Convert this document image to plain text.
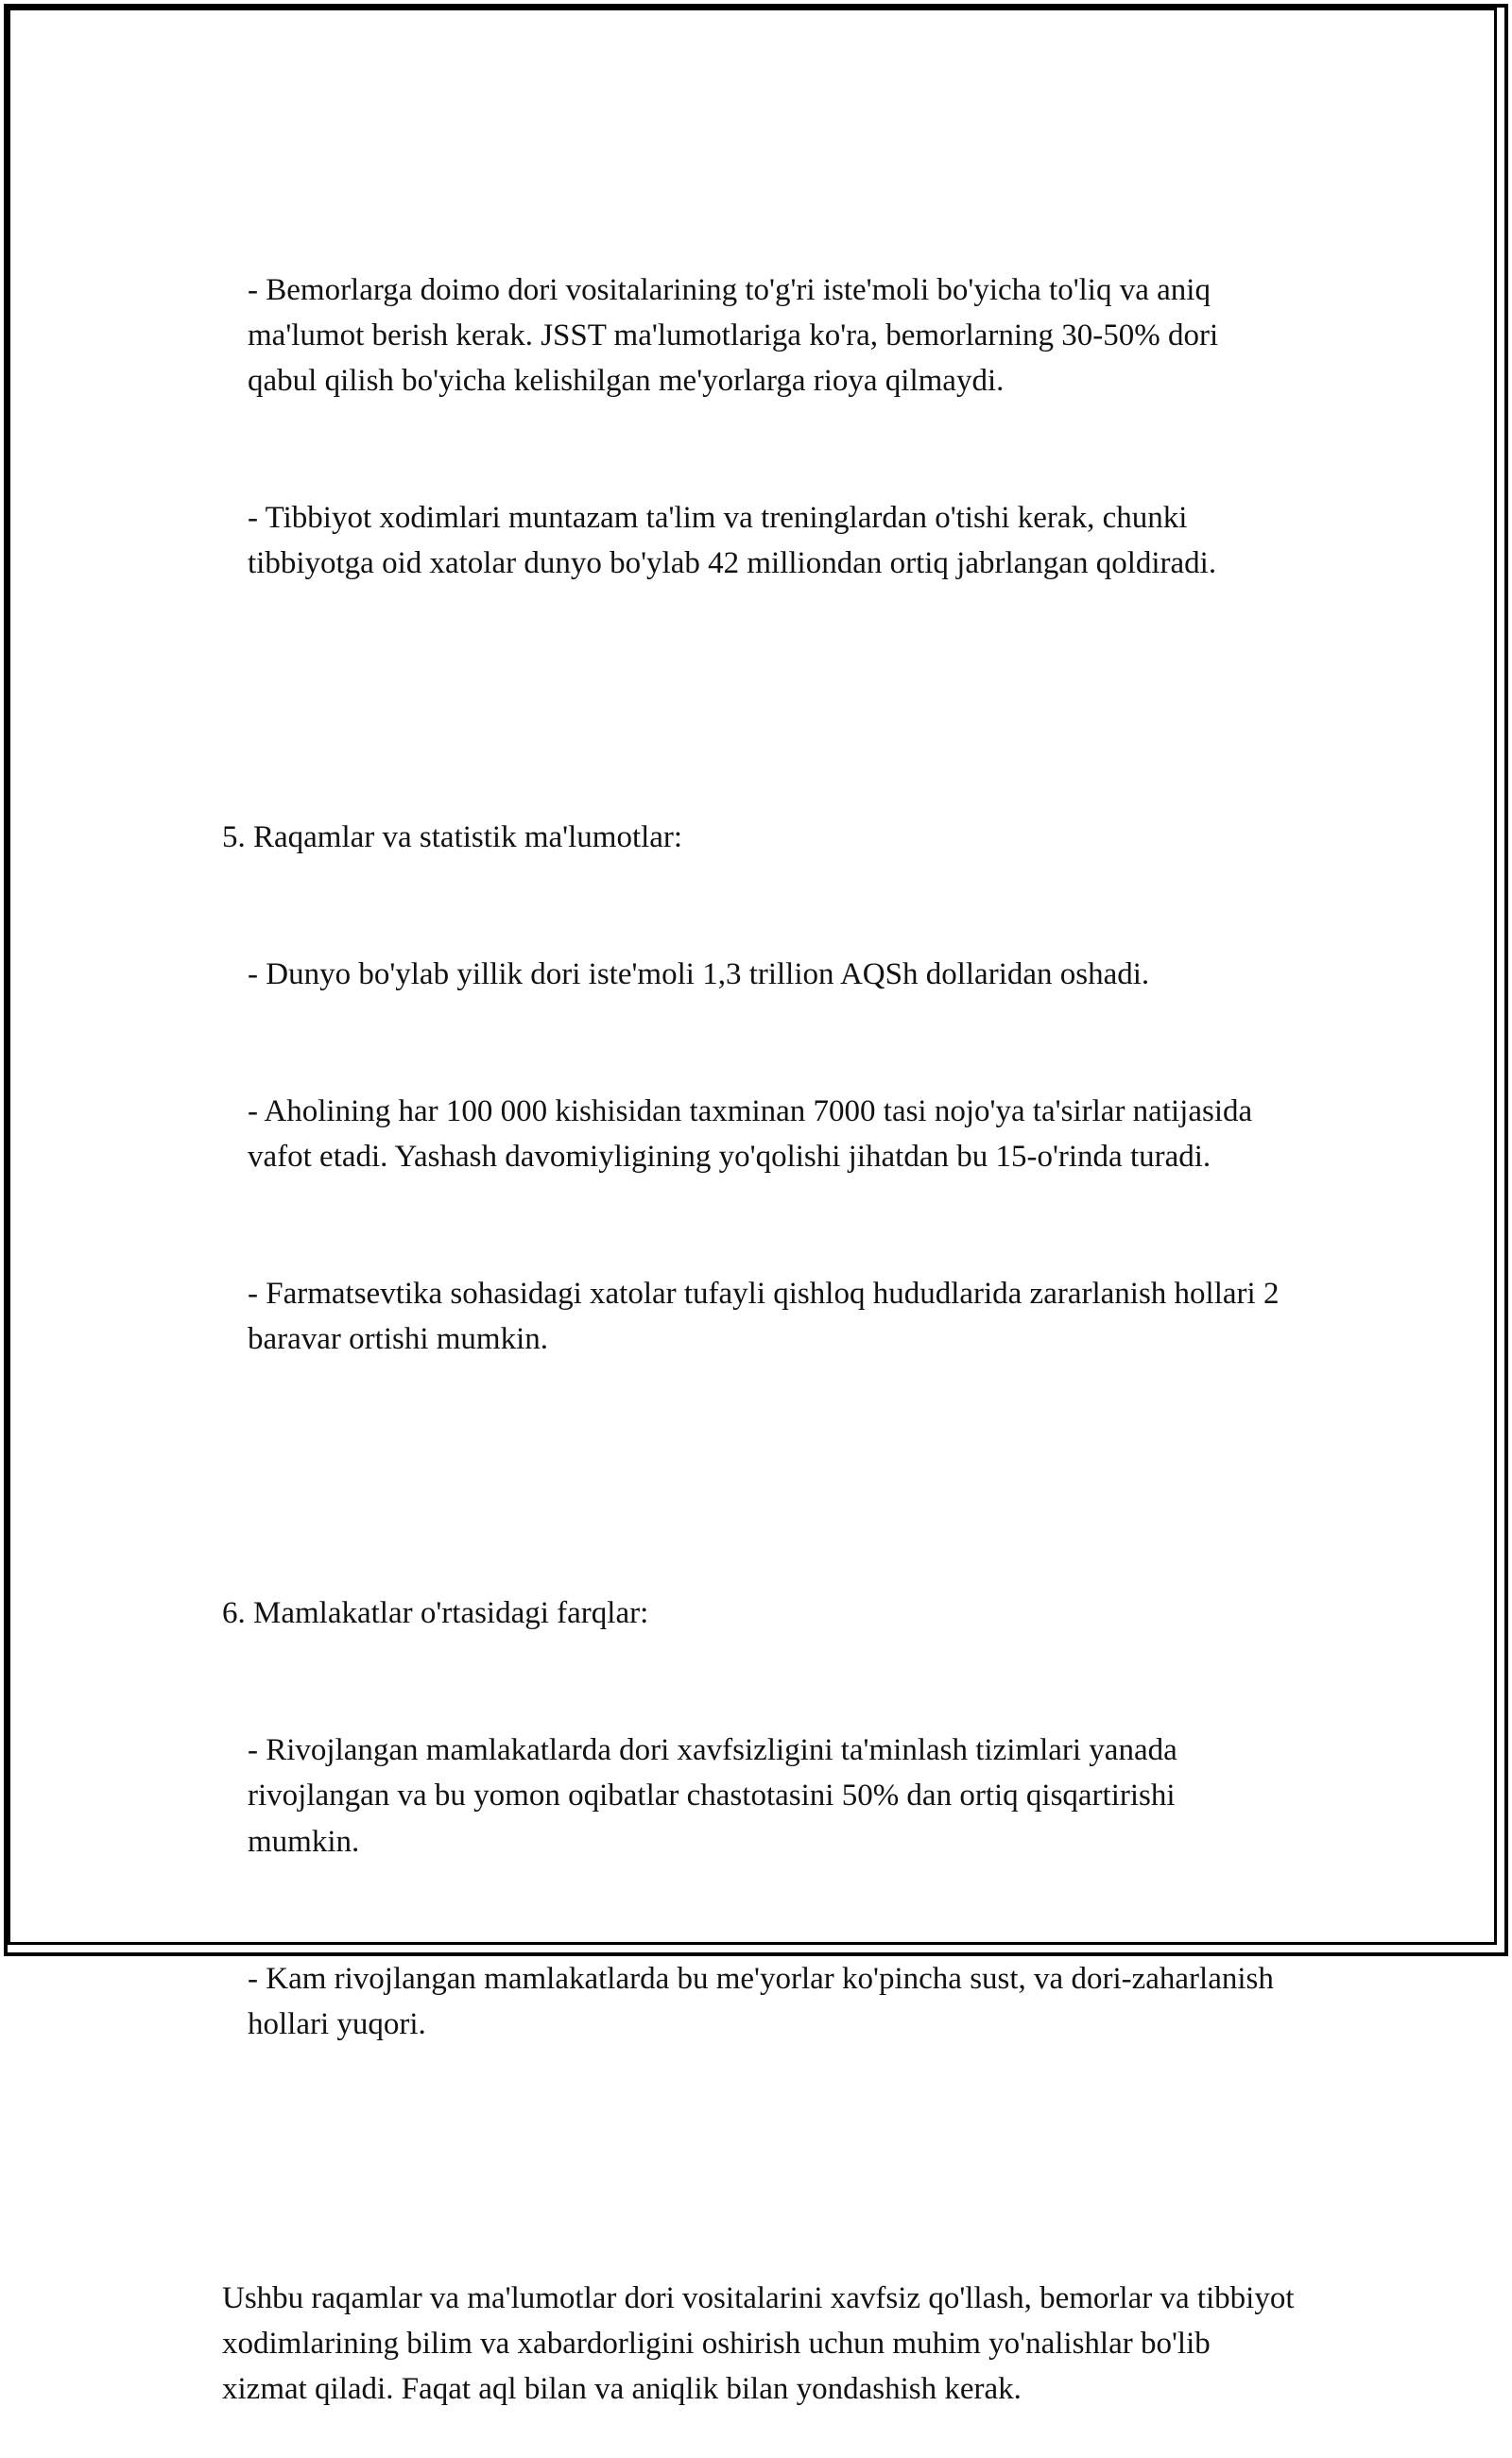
- Bemorlarga doimo dori vositalarining to'g'ri iste'moli bo'yicha to'liq va aniq ma'lumot berish kerak. JSST ma'lumotlariga ko'ra, bemorlarning 30-50% dori qabul qilish bo'yicha kelishilgan me'yorlarga rioya qilmaydi.

- Tibbiyot xodimlari muntazam ta'lim va treninglardan o'tishi kerak, chunki tibbiyotga oid xatolar dunyo bo'ylab 42 milliondan ortiq jabrlangan qoldiradi.

5. Raqamlar va statistik ma'lumotlar:

- Dunyo bo'ylab yillik dori iste'moli 1,3 trillion AQSh dollaridan oshadi.

- Aholining har 100 000 kishisidan taxminan 7000 tasi nojo'ya ta'sirlar natijasida vafot etadi. Yashash davomiyligining yo'qolishi jihatdan bu 15-o'rinda turadi.

- Farmatsevtika sohasidagi xatolar tufayli qishloq hududlarida zararlanish hollari 2 baravar ortishi mumkin.

6. Mamlakatlar o'rtasidagi farqlar:

- Rivojlangan mamlakatlarda dori xavfsizligini ta'minlash tizimlari yanada rivojlangan va bu yomon oqibatlar chastotasini 50% dan ortiq qisqartirishi mumkin.

- Kam rivojlangan mamlakatlarda bu me'yorlar ko'pincha sust, va dori-zaharlanish hollari yuqori.

Ushbu raqamlar va ma'lumotlar dori vositalarini xavfsiz qo'llash, bemorlar va tibbiyot xodimlarining bilim va xabardorligini oshirish uchun muhim yo'nalishlar bo'lib xizmat qiladi. Faqat aql bilan va aniqlik bilan yondashish kerak.
